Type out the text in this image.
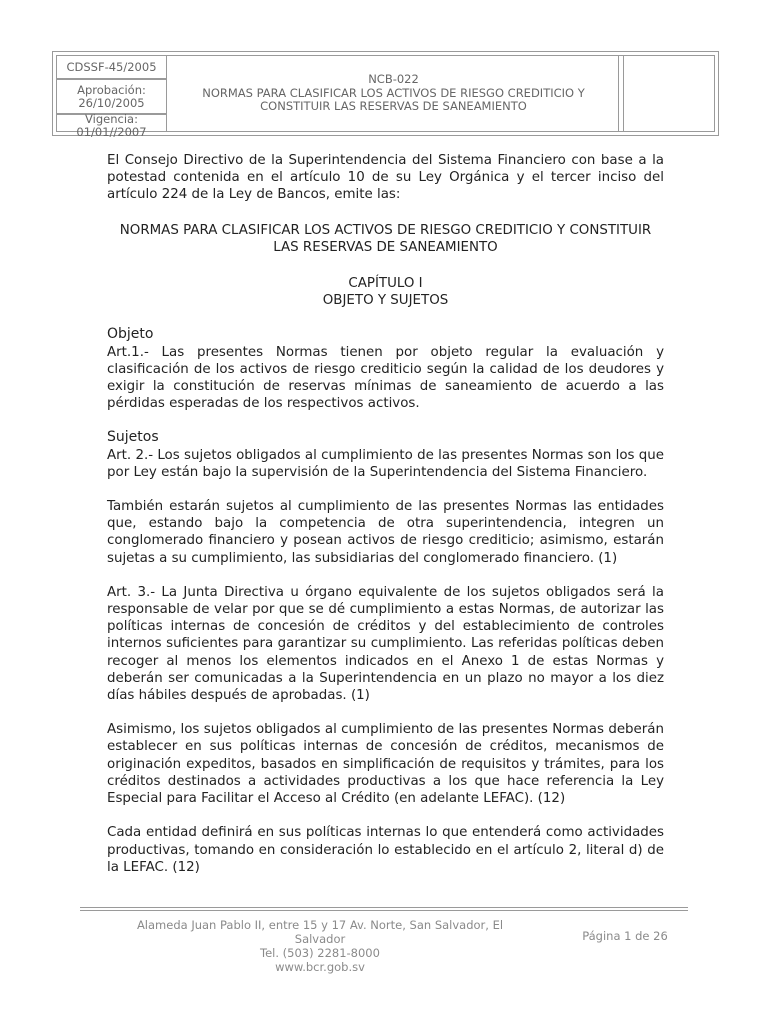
CDSSF-45/2005
Aprobación:
26/10/2005
Vigencia: 01/01//2007
NCB-022
NORMAS PARA CLASIFICAR LOS ACTIVOS DE RIESGO CREDITICIO Y
CONSTITUIR LAS RESERVAS DE SANEAMIENTO

El Consejo Directivo de la Superintendencia del Sistema Financiero con base a la potestad contenida en el artículo 10 de su Ley Orgánica y el tercer inciso del artículo 224 de la Ley de Bancos, emite las:

NORMAS PARA CLASIFICAR LOS ACTIVOS DE RIESGO CREDITICIO Y CONSTITUIR
LAS RESERVAS DE SANEAMIENTO

CAPÍTULO I
OBJETO Y SUJETOS

Objeto

Art.1.- Las presentes Normas tienen por objeto regular la evaluación y clasificación de los activos de riesgo crediticio según la calidad de los deudores y exigir la constitución de reservas mínimas de saneamiento de acuerdo a las pérdidas esperadas de los respectivos activos.

Sujetos

Art. 2.- Los sujetos obligados al cumplimiento de las presentes Normas son los que por Ley están bajo la supervisión de la Superintendencia del Sistema Financiero.

También estarán sujetos al cumplimiento de las presentes Normas las entidades que, estando bajo la competencia de otra superintendencia, integren un conglomerado financiero y posean activos de riesgo crediticio; asimismo, estarán sujetas a su cumplimiento, las subsidiarias del conglomerado financiero. (1)

Art. 3.- La Junta Directiva u órgano equivalente de los sujetos obligados será la responsable de velar por que se dé cumplimiento a estas Normas, de autorizar las políticas internas de concesión de créditos y del establecimiento de controles internos suficientes para garantizar su cumplimiento. Las referidas políticas deben recoger al menos los elementos indicados en el Anexo 1 de estas Normas y deberán ser comunicadas a la Superintendencia en un plazo no mayor a los diez días hábiles después de aprobadas. (1)

Asimismo, los sujetos obligados al cumplimiento de las presentes Normas deberán establecer en sus políticas internas de concesión de créditos, mecanismos de originación expeditos, basados en simplificación de requisitos y trámites, para los créditos destinados a actividades productivas a los que hace referencia la Ley Especial para Facilitar el Acceso al Crédito (en adelante LEFAC). (12)

Cada entidad definirá en sus políticas internas lo que entenderá como actividades productivas, tomando en consideración lo establecido en el artículo 2, literal d) de la LEFAC. (12)

Alameda Juan Pablo II, entre 15 y 17 Av. Norte, San Salvador, El Salvador
Tel. (503) 2281-8000
www.bcr.gob.sv
Página 1 de 26
